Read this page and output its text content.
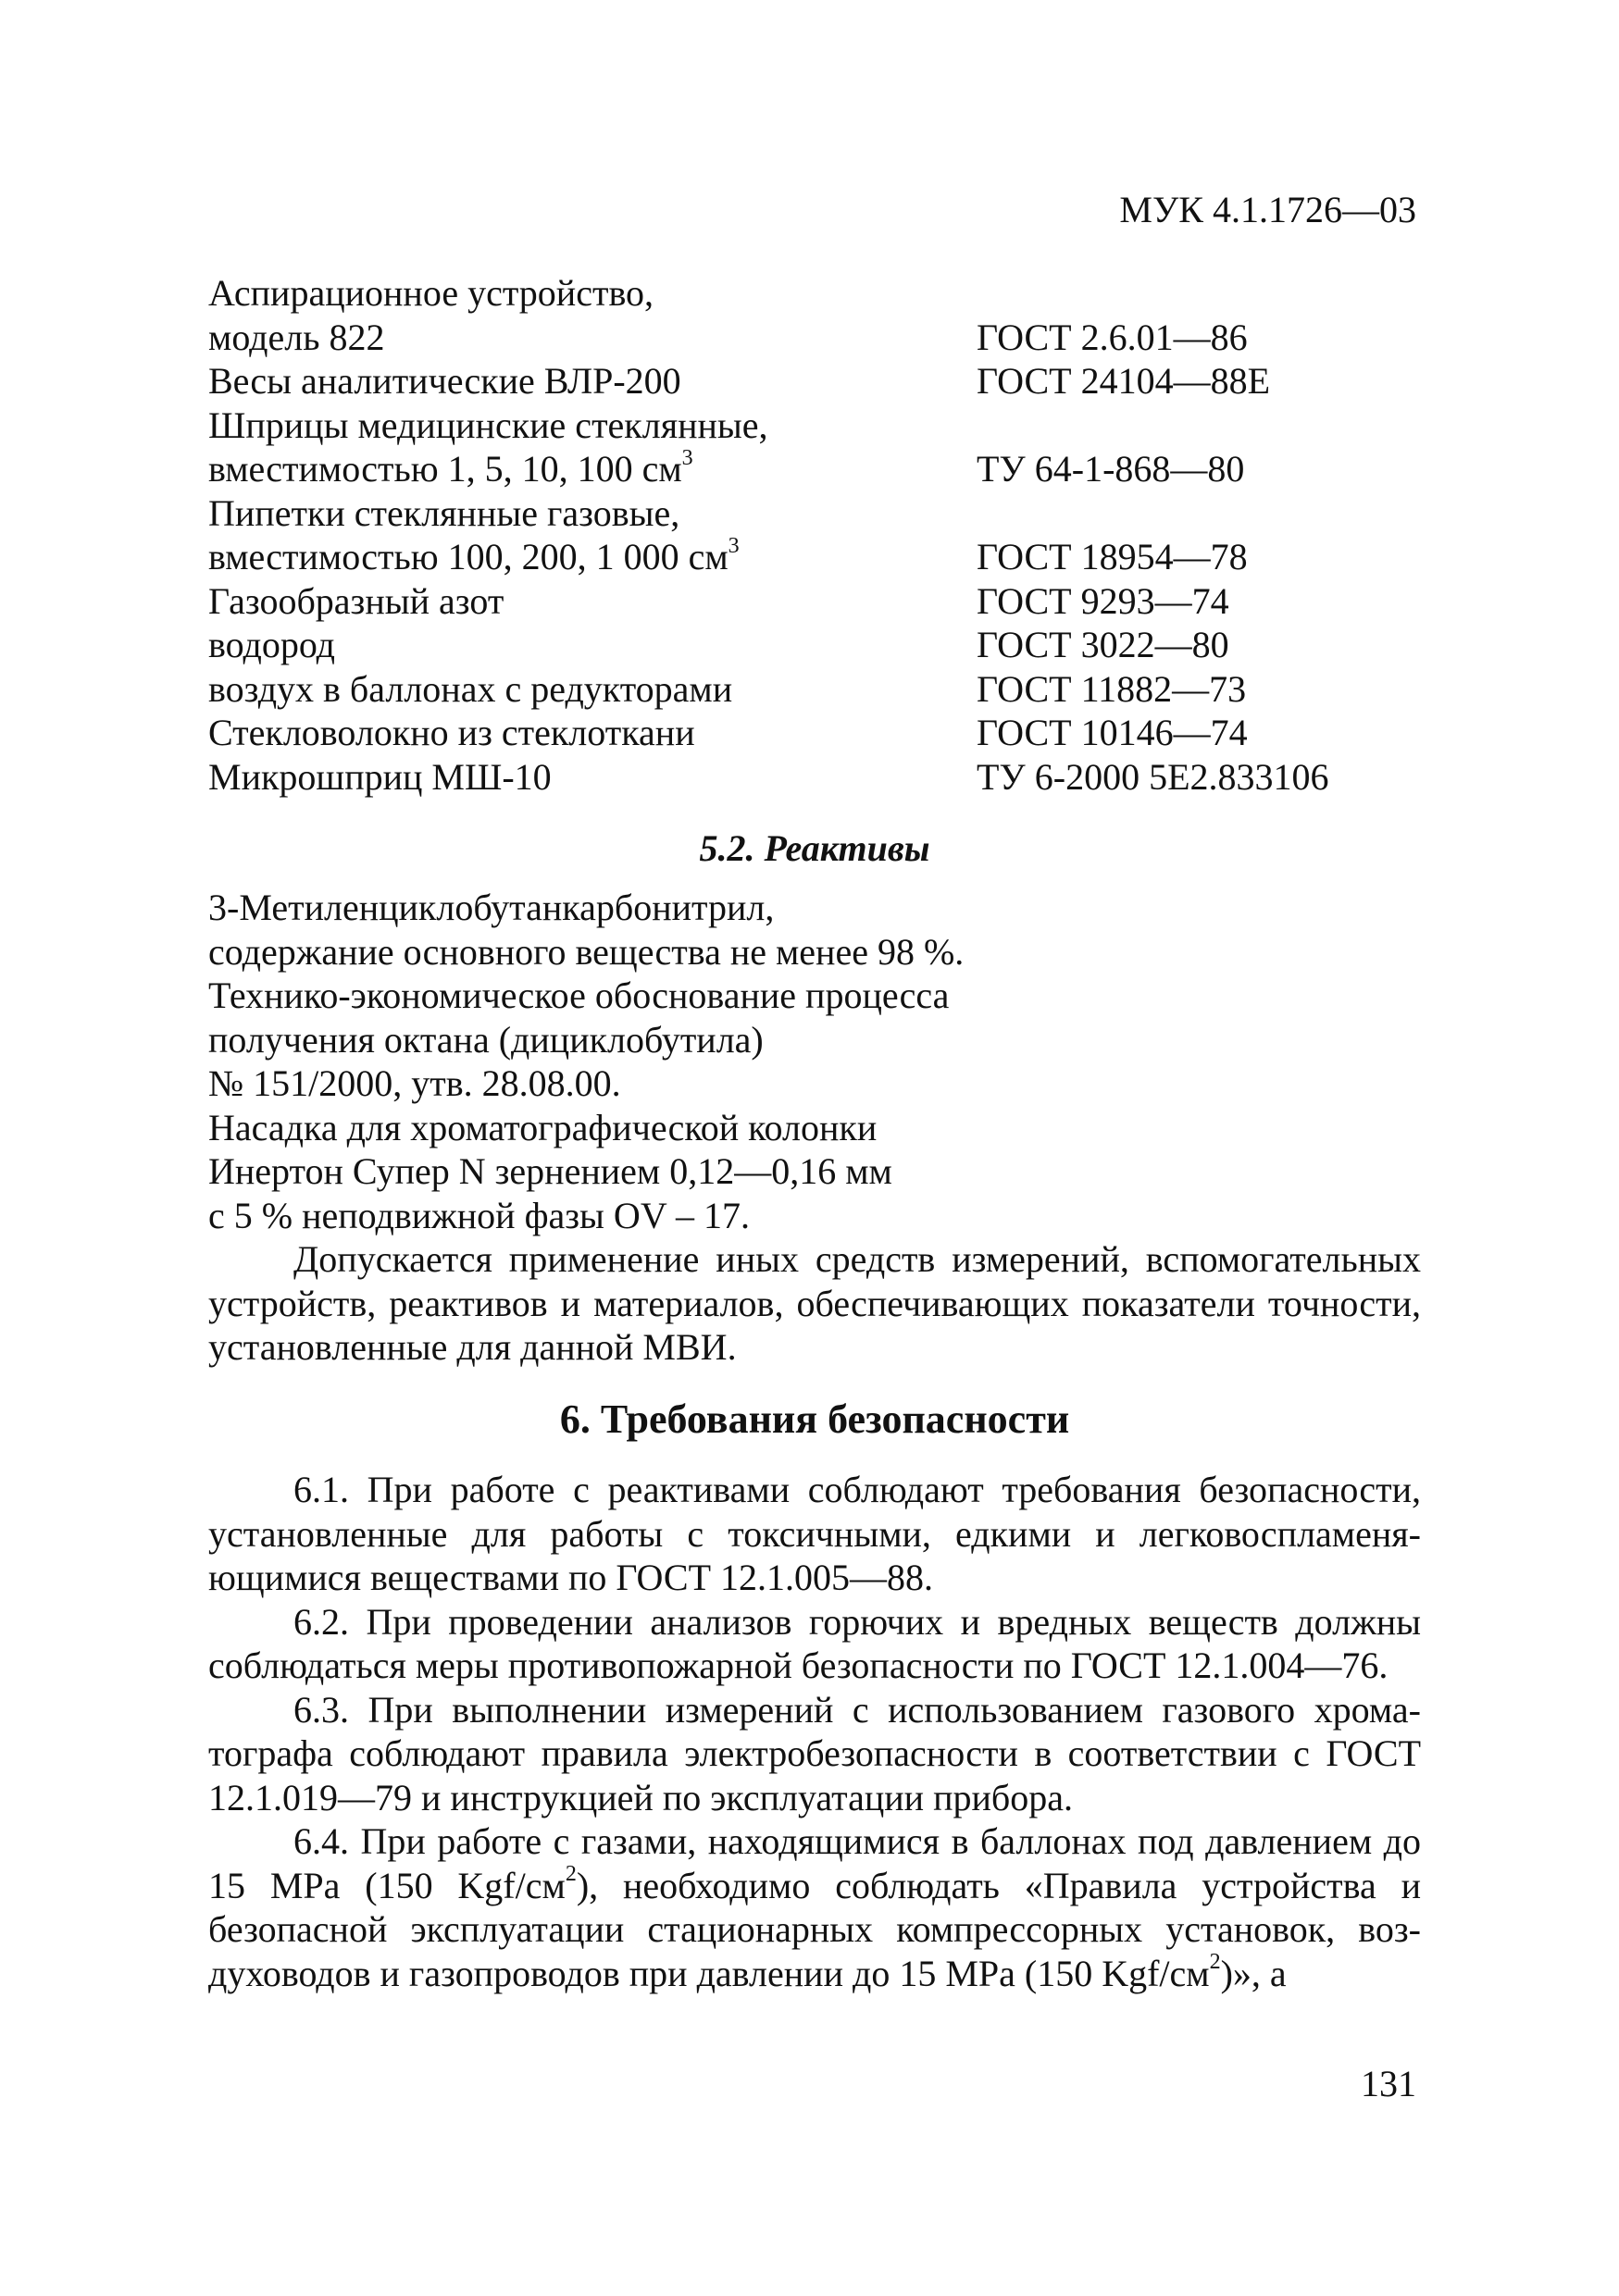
МУК 4.1.1726—03
Аспирационное устройство,
модель 822	ГОСТ 2.6.01—86
Весы аналитические ВЛР-200	ГОСТ 24104—88Е
Шприцы медицинские стеклянные,
вместимостью 1, 5, 10, 100 $см^3$	ТУ 64-1-868—80
Пипетки стеклянные газовые,
вместимостью 100, 200, 1 000 $см^3$	ГОСТ 18954—78
Газообразный азот	ГОСТ 9293—74
водород	ГОСТ 3022—80
воздух в баллонах с редукторами	ГОСТ 11882—73
Стекловолокно из стеклоткани	ГОСТ 10146—74
Микрошприц МШ-10	ТУ 6-2000 5Е2.833106
5.2. Реактивы
3-Метиленциклобутанкарбонитрил,
содержание основного вещества не менее 98 %.
Технико-экономическое обоснование процесса
получения октана (дициклобутила)
№ 151/2000, утв. 28.08.00.
Насадка для хроматографической колонки
Инертон Супер N зернением 0,12—0,16 мм
с 5 % неподвижной фазы OV – 17.

Допускается применение иных средств измерений, вспомогательных устройств, реактивов и материалов, обеспечивающих показатели точности, установленные для данной МВИ.

6. Требования безопасности

6.1. При работе с реактивами соблюдают требования безопасности, установленные для работы с токсичными, едкими и легковоспламеняющимися веществами по ГОСТ 12.1.005—88.

6.2. При проведении анализов горючих и вредных веществ должны соблюдаться меры противопожарной безопасности по ГОСТ 12.1.004—76.

6.3. При выполнении измерений с использованием газового хроматографа соблюдают правила электробезопасности в соответствии с ГОСТ 12.1.019—79 и инструкцией по эксплуатации прибора.

6.4. При работе с газами, находящимися в баллонах под давлением до 15 MPa (150 Kgf/$см^2$), необходимо соблюдать «Правила устройства и безопасной эксплуатации стационарных компрессорных установок, воздуховодов и газопроводов при давлении до 15 MPa (150 Kgf/$см^2$)», а

131
